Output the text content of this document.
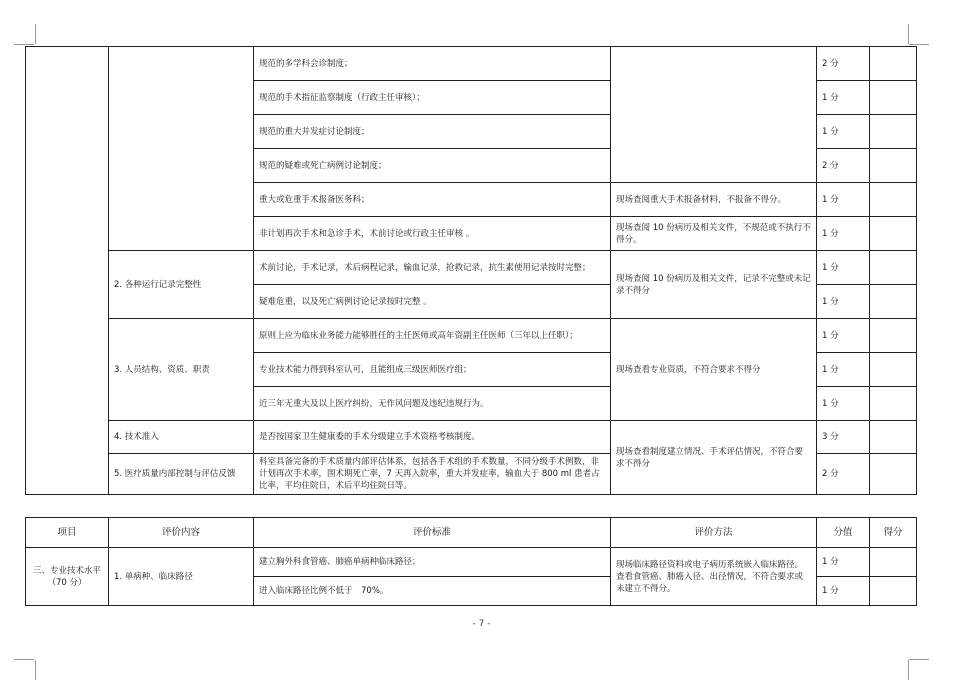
		规范的多学科会诊制度；		2 分	
		规范的手术指征监察制度（行政主任审核）；		1 分	
		规范的重大并发症讨论制度；		1 分	
		规范的疑难或死亡病例讨论制度；		2 分	
		重大或危重手术报备医务科；	现场查阅重大手术报备材料，不报备不得分。	1 分	
		非计划再次手术和急诊手术，术前讨论或行政主任审核 。	现场查阅 10 份病历及相关文件，不规范或不执行不得分。	1 分	
	2. 各种运行记录完整性	术前讨论，手术记录，术后病程记录，输血记录，抢救记录，抗生素使用记录按时完整；	现场查阅 10 份病历及相关文件，记录不完整或未记录不得分	1 分	
		疑难危重，以及死亡病例讨论记录按时完整 。		1 分	
	3. 人员结构、资质、职责	原则上应为临床业务能力能够胜任的主任医师或高年资副主任医师（三年以上任职）；	现场查看专业资质，不符合要求不得分	1 分	
		专业技术能力得到科室认可，且能组成三级医师医疗组；		1 分	
		近三年无重大及以上医疗纠纷，无作风问题及违纪违规行为。		1 分	
	4. 技术准入	是否按国家卫生健康委的手术分级建立手术资格考核制度。	现场查看制度建立情况、手术评估情况，不符合要求不得分	3 分	
	5. 医疗质量内部控制与评估反馈	科室具备完备的手术质量内部评估体系，包括各手术组的手术数量，不同分级手术例数，非计划再次手术率，围术期死亡率，7 天再入院率，重大并发症率，输血大于 800 ml 患者占比率，平均住院日，术后平均住院日等。		2 分	
项目	评价内容	评价标准	评价方法	分值	得分
三、专业技术水平（70 分）	1. 单病种、临床路径	建立胸外科食管癌、肺癌单病种临床路径；	现场临床路径资料或电子病历系统嵌入临床路径。查看食管癌、肺癌入径、出径情况，不符合要求或未建立不得分。	1 分	
		进入临床路径比例不低于　70%。		1 分	
- 7 -
